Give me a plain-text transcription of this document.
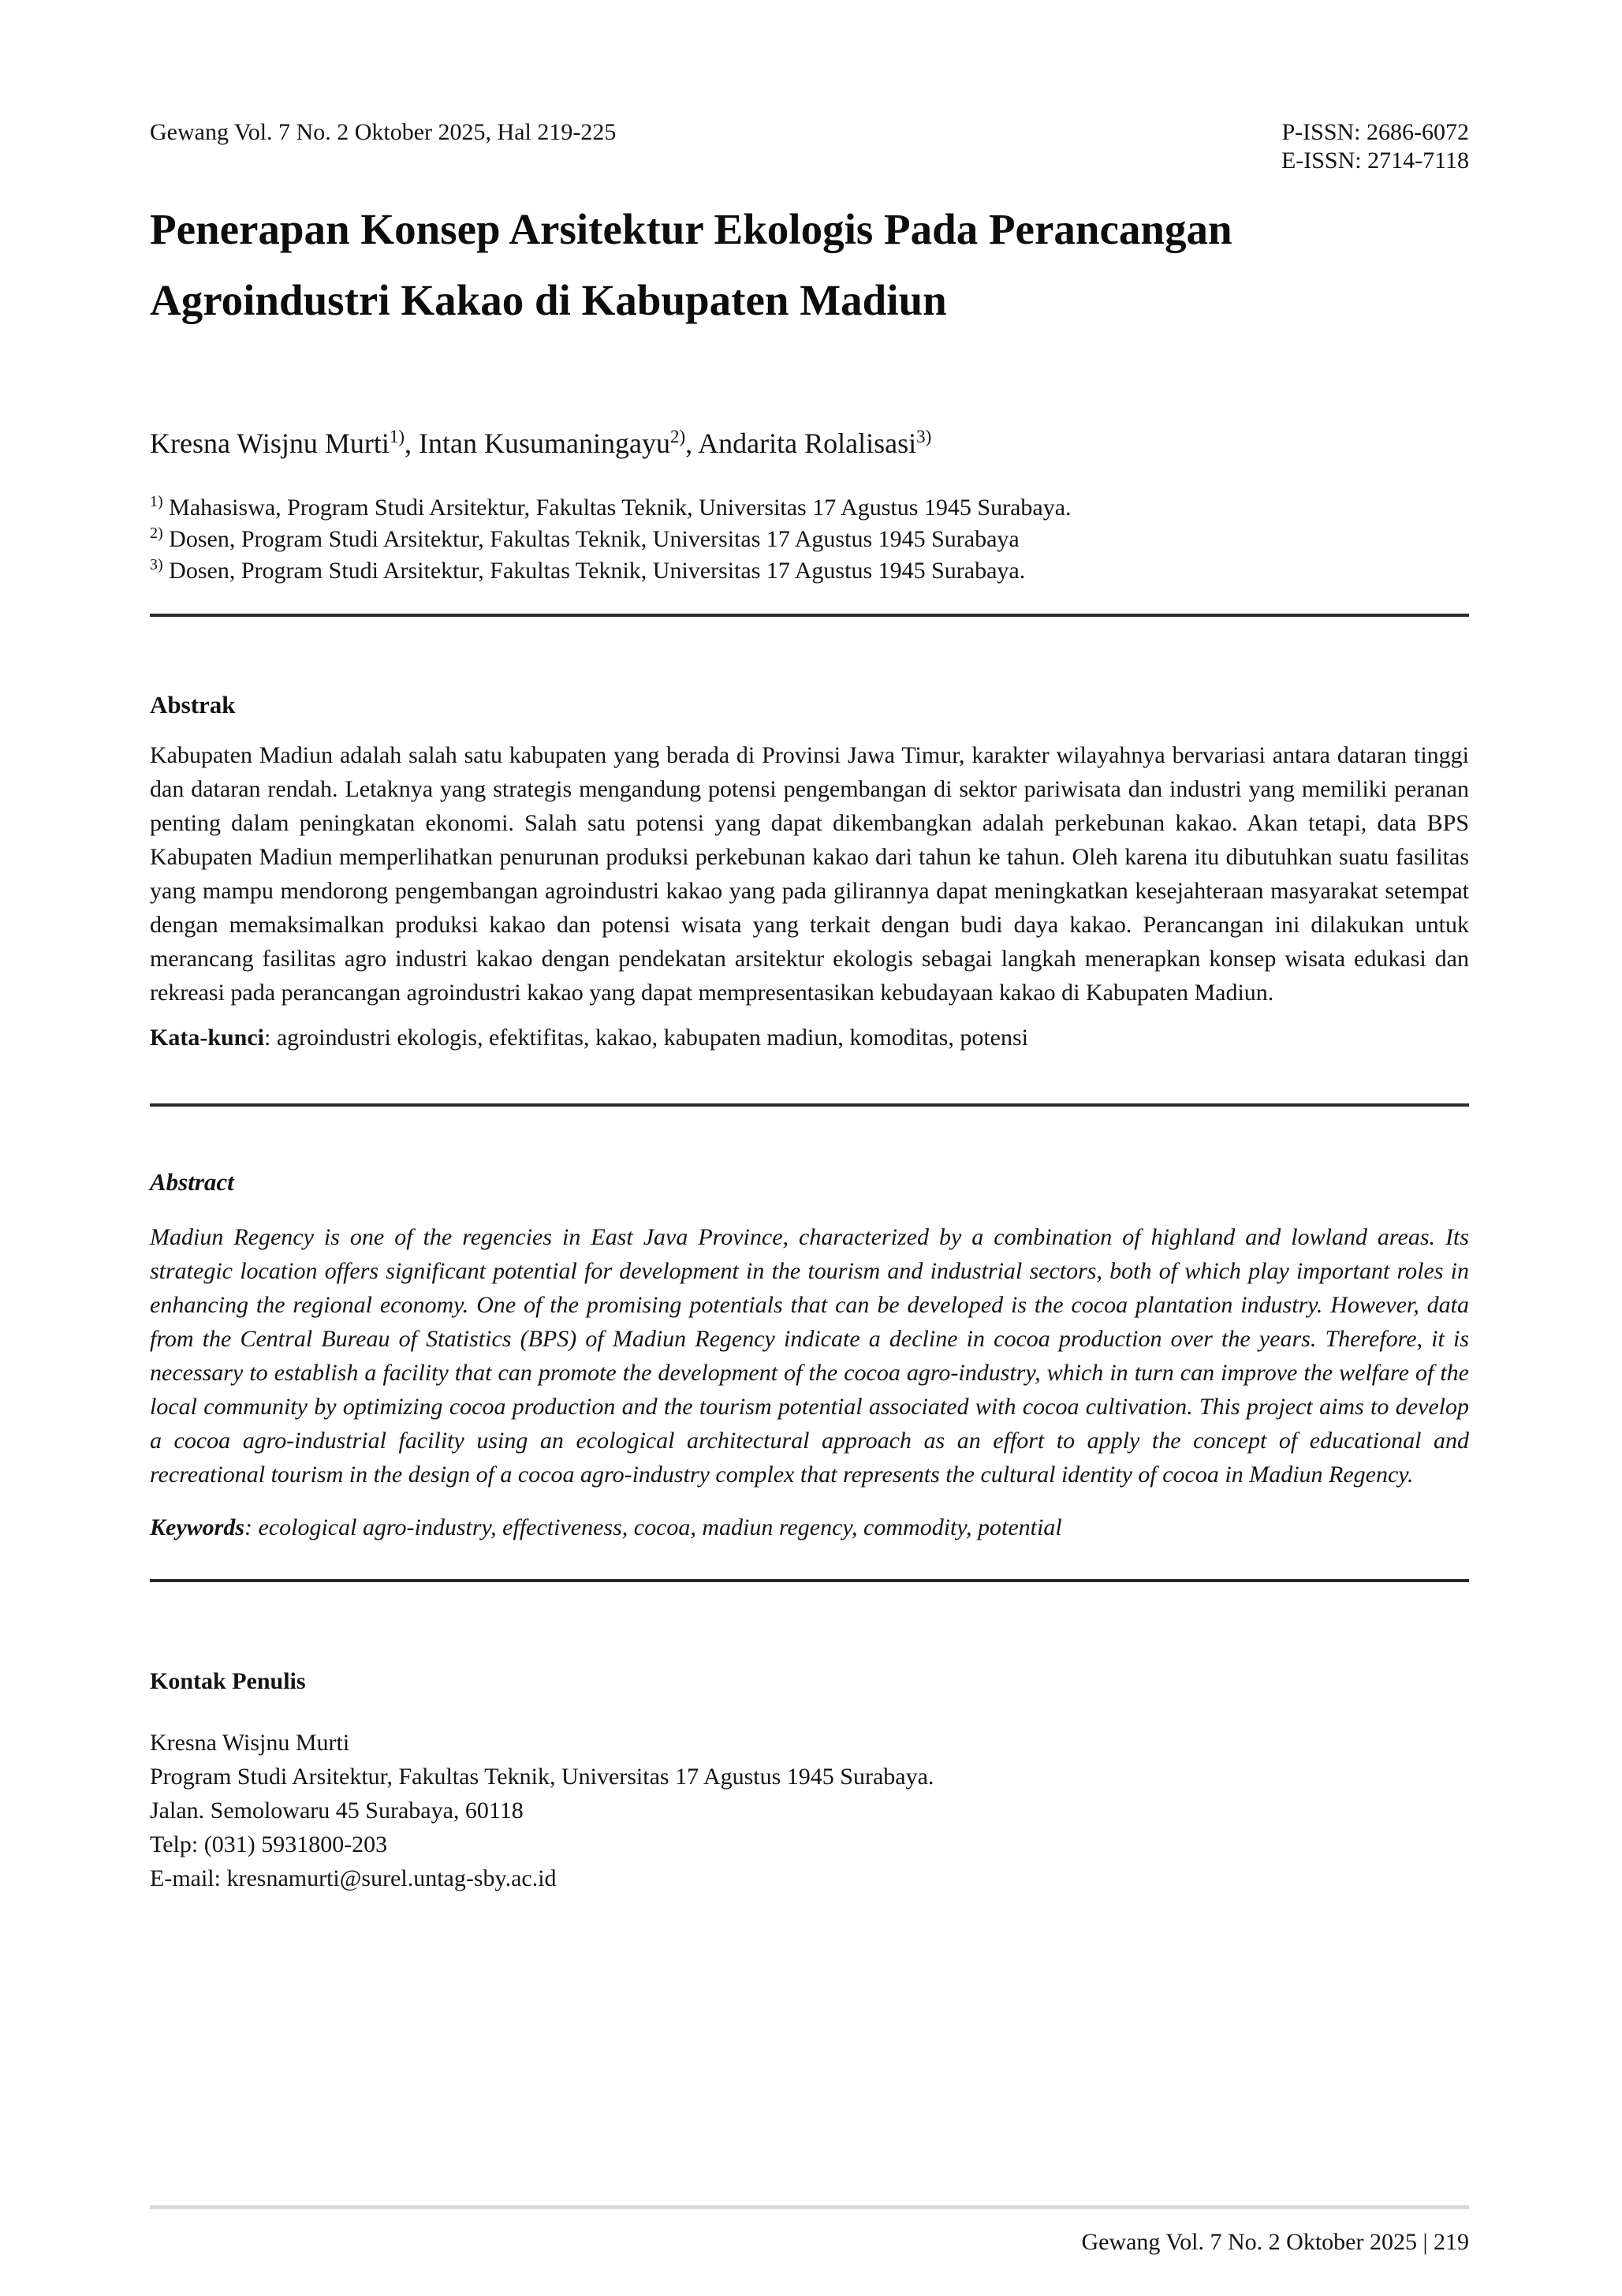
Gewang Vol. 7 No. 2 Oktober 2025, Hal 219-225	P-ISSN: 2686-6072
E-ISSN: 2714-7118
Penerapan Konsep Arsitektur Ekologis Pada Perancangan
Agroindustri Kakao di Kabupaten Madiun
Kresna Wisjnu Murti$^{1)}$, Intan Kusumaningayu$^{2)}$, Andarita Rolalisasi$^{3)}$
$^{1)}$ Mahasiswa, Program Studi Arsitektur, Fakultas Teknik, Universitas 17 Agustus 1945 Surabaya.
$^{2)}$ Dosen, Program Studi Arsitektur, Fakultas Teknik, Universitas 17 Agustus 1945 Surabaya
$^{3)}$ Dosen, Program Studi Arsitektur, Fakultas Teknik, Universitas 17 Agustus 1945 Surabaya.
Abstrak

Kabupaten Madiun adalah salah satu kabupaten yang berada di Provinsi Jawa Timur, karakter wilayahnya bervariasi antara dataran tinggi dan dataran rendah. Letaknya yang strategis mengandung potensi pengembangan di sektor pariwisata dan industri yang memiliki peranan penting dalam peningkatan ekonomi. Salah satu potensi yang dapat dikembangkan adalah perkebunan kakao. Akan tetapi, data BPS Kabupaten Madiun memperlihatkan penurunan produksi perkebunan kakao dari tahun ke tahun. Oleh karena itu dibutuhkan suatu fasilitas yang mampu mendorong pengembangan agroindustri kakao yang pada gilirannya dapat meningkatkan kesejahteraan masyarakat setempat dengan memaksimalkan produksi kakao dan potensi wisata yang terkait dengan budi daya kakao. Perancangan ini dilakukan untuk merancang fasilitas agro industri kakao dengan pendekatan arsitektur ekologis sebagai langkah menerapkan konsep wisata edukasi dan rekreasi pada perancangan agroindustri kakao yang dapat mempresentasikan kebudayaan kakao di Kabupaten Madiun.

Kata-kunci: agroindustri ekologis, efektifitas, kakao, kabupaten madiun, komoditas, potensi
Abstract

Madiun Regency is one of the regencies in East Java Province, characterized by a combination of highland and lowland areas. Its strategic location offers significant potential for development in the tourism and industrial sectors, both of which play important roles in enhancing the regional economy. One of the promising potentials that can be developed is the cocoa plantation industry. However, data from the Central Bureau of Statistics (BPS) of Madiun Regency indicate a decline in cocoa production over the years. Therefore, it is necessary to establish a facility that can promote the development of the cocoa agro-industry, which in turn can improve the welfare of the local community by optimizing cocoa production and the tourism potential associated with cocoa cultivation. This project aims to develop a cocoa agro-industrial facility using an ecological architectural approach as an effort to apply the concept of educational and recreational tourism in the design of a cocoa agro-industry complex that represents the cultural identity of cocoa in Madiun Regency.

Keywords: ecological agro-industry, effectiveness, cocoa, madiun regency, commodity, potential
Kontak Penulis
Kresna Wisjnu Murti
Program Studi Arsitektur, Fakultas Teknik, Universitas 17 Agustus 1945 Surabaya.
Jalan. Semolowaru 45 Surabaya, 60118
Telp: (031) 5931800-203
E-mail: kresnamurti@surel.untag-sby.ac.id
Gewang Vol. 7 No. 2 Oktober 2025 | 219
